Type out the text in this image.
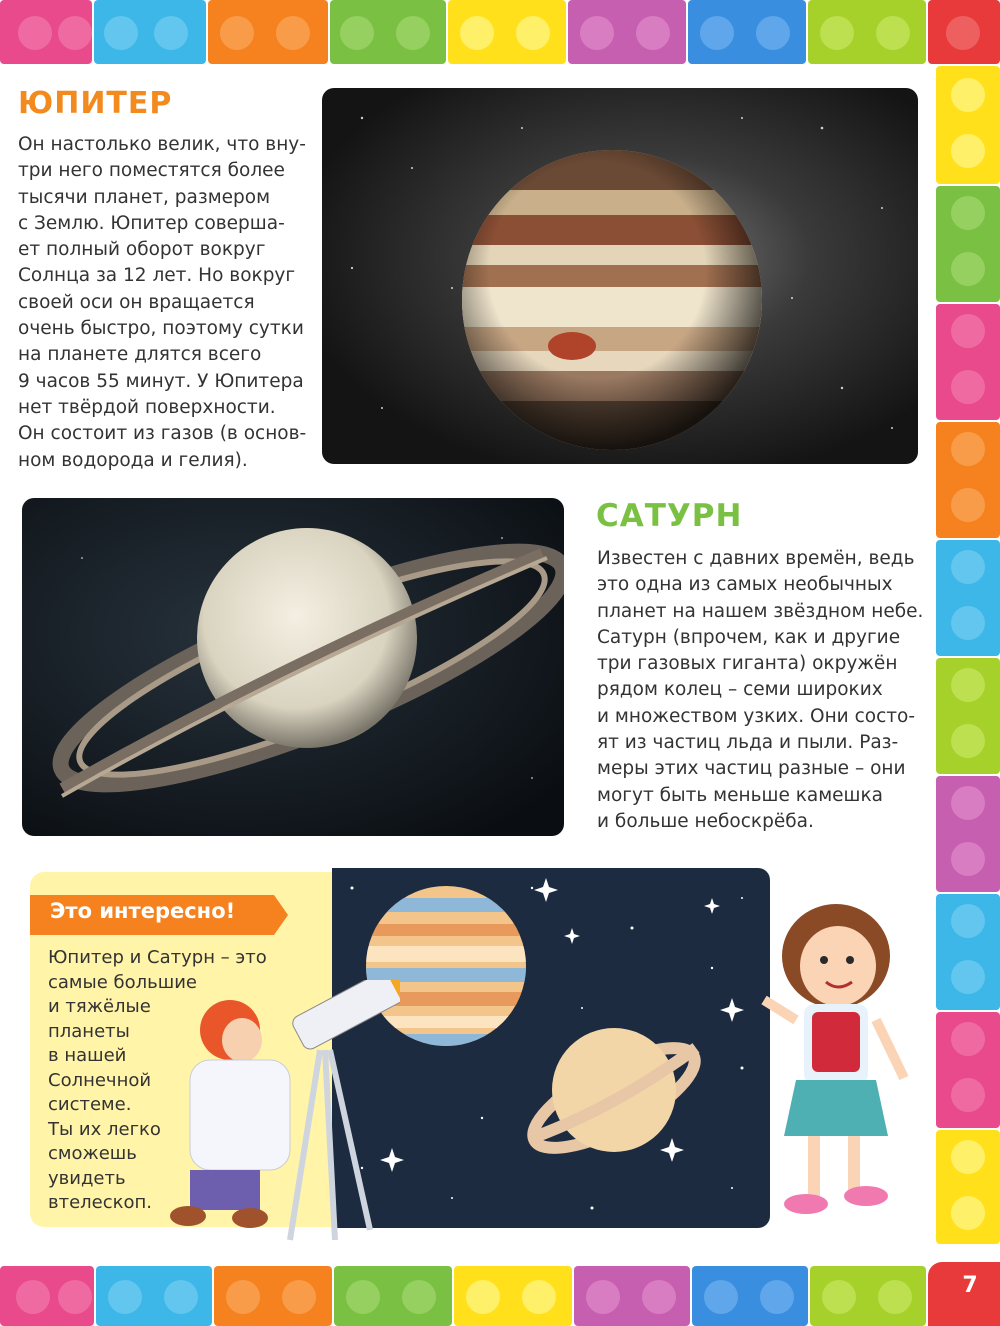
7
ЮПИТЕР

Он настолько велик, что вну-
три него поместятся более
тысячи планет, размером
с Землю. Юпитер соверша-
ет полный оборот вокруг
Солнца за 12 лет. Но вокруг
своей оси он вращается
очень быстро, поэтому сутки
на планете длятся всего
9 часов 55 минут. У Юпитера
нет твёрдой поверхности.
Он состоит из газов (в основ-
ном водорода и гелия).

САТУРН

Известен с давних времён, ведь
это одна из самых необычных
планет на нашем звёздном небе.
Сатурн (впрочем, как и другие
три газовых гиганта) окружён
рядом колец – семи широких
и множеством узких. Они состо-
ят из частиц льда и пыли. Раз-
меры этих частиц разные – они
могут быть меньше камешка
и больше небоскрёба.

Это интересно!

Юпитер и Сатурн – это
самые большие
и тяжёлые
планеты
в нашей
Солнечной
системе.
Ты их легко
сможешь
увидеть
втелескоп.
